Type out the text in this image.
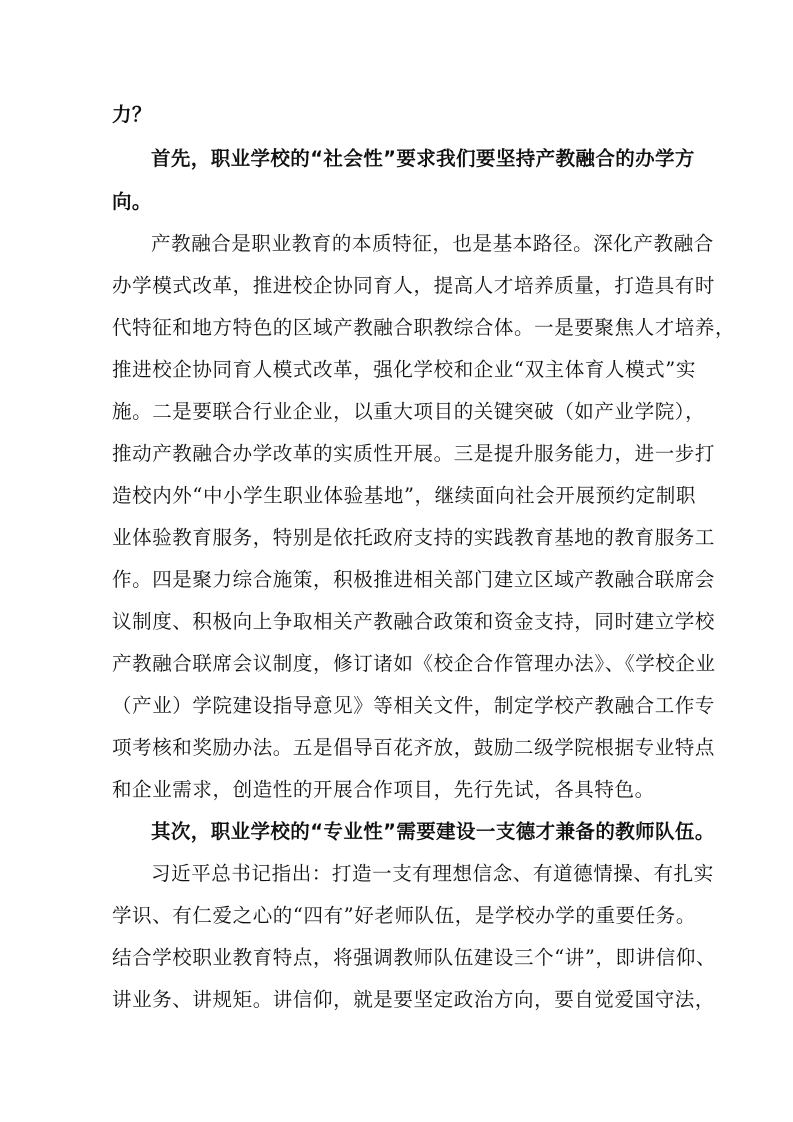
力？
首先，职业学校的“社会性”要求我们要坚持产教融合的办学方
向。
产教融合是职业教育的本质特征，也是基本路径。深化产教融合
办学模式改革，推进校企协同育人，提高人才培养质量，打造具有时
代特征和地方特色的区域产教融合职教综合体。一是要聚焦人才培养，
推进校企协同育人模式改革，强化学校和企业“双主体育人模式”实
施。二是要联合行业企业，以重大项目的关键突破（如产业学院），
推动产教融合办学改革的实质性开展。三是提升服务能力，进一步打
造校内外“中小学生职业体验基地”，继续面向社会开展预约定制职
业体验教育服务，特别是依托政府支持的实践教育基地的教育服务工
作。四是聚力综合施策，积极推进相关部门建立区域产教融合联席会
议制度、积极向上争取相关产教融合政策和资金支持，同时建立学校
产教融合联席会议制度，修订诸如《校企合作管理办法》、《学校企业
（产业）学院建设指导意见》等相关文件，制定学校产教融合工作专
项考核和奖励办法。五是倡导百花齐放，鼓励二级学院根据专业特点
和企业需求，创造性的开展合作项目，先行先试，各具特色。
其次，职业学校的“专业性”需要建设一支德才兼备的教师队伍。
习近平总书记指出：打造一支有理想信念、有道德情操、有扎实
学识、有仁爱之心的“四有”好老师队伍，是学校办学的重要任务。
结合学校职业教育特点，将强调教师队伍建设三个“讲”，即讲信仰、
讲业务、讲规矩。讲信仰，就是要坚定政治方向，要自觉爱国守法，
